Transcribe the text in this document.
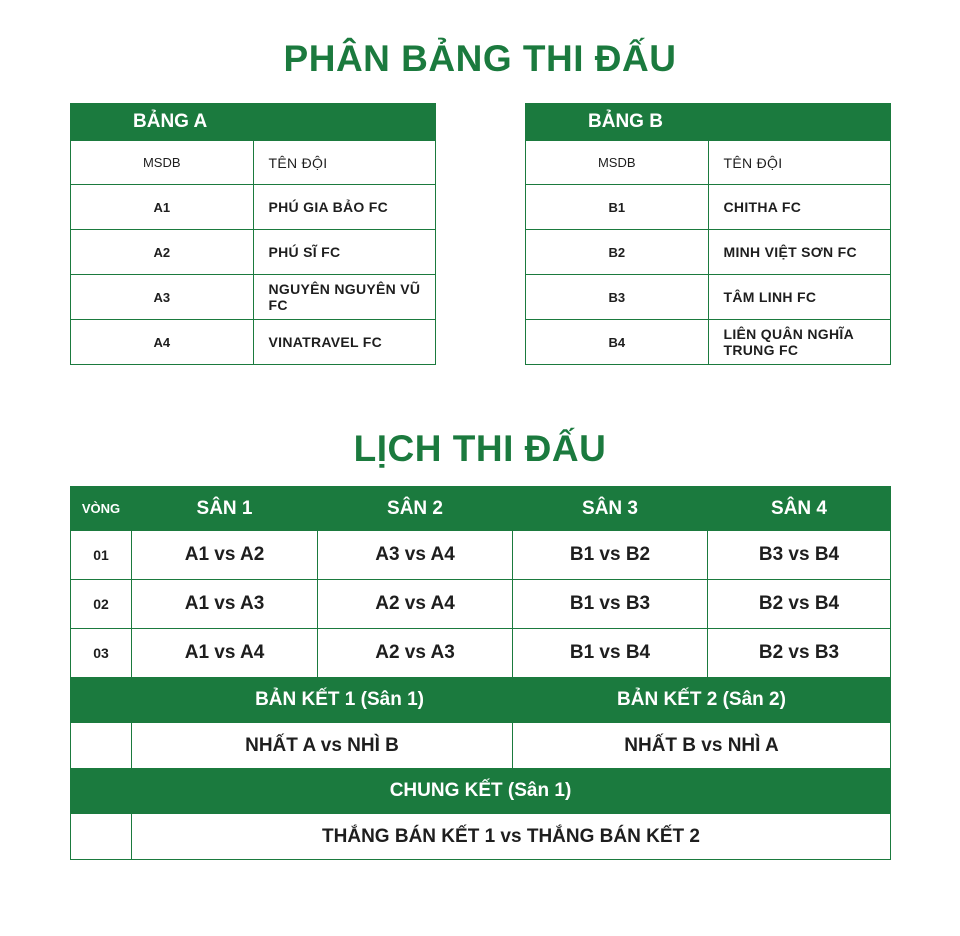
PHÂN BẢNG THI ĐẤU
BẢNG A	
MSDB	TÊN ĐỘI
A1	PHÚ GIA BẢO FC
A2	PHÚ SĨ FC
A3	NGUYÊN NGUYÊN VŨ FC
A4	VINATRAVEL FC
BẢNG B	
MSDB	TÊN ĐỘI
B1	CHITHA FC
B2	MINH VIỆT SƠN FC
B3	TÂM LINH FC
B4	LIÊN QUÂN NGHĨA TRUNG FC
LỊCH THI ĐẤU
VÒNG	SÂN 1	SÂN 2	SÂN 3	SÂN 4
01	A1 vs A2	A3 vs A4	B1 vs B2	B3 vs B4
02	A1 vs A3	A2 vs A4	B1 vs B3	B2 vs B4
03	A1 vs A4	A2 vs A3	B1 vs B4	B2 vs B3
BẢN KẾT 1 (Sân 1)			BẢN KẾT 2 (Sân 2)	
	NHẤT A vs NHÌ B		NHẤT B vs NHÌ A	
CHUNG KẾT (Sân 1)				
	THẮNG BÁN KẾT 1 vs THẮNG BÁN KẾT 2			
